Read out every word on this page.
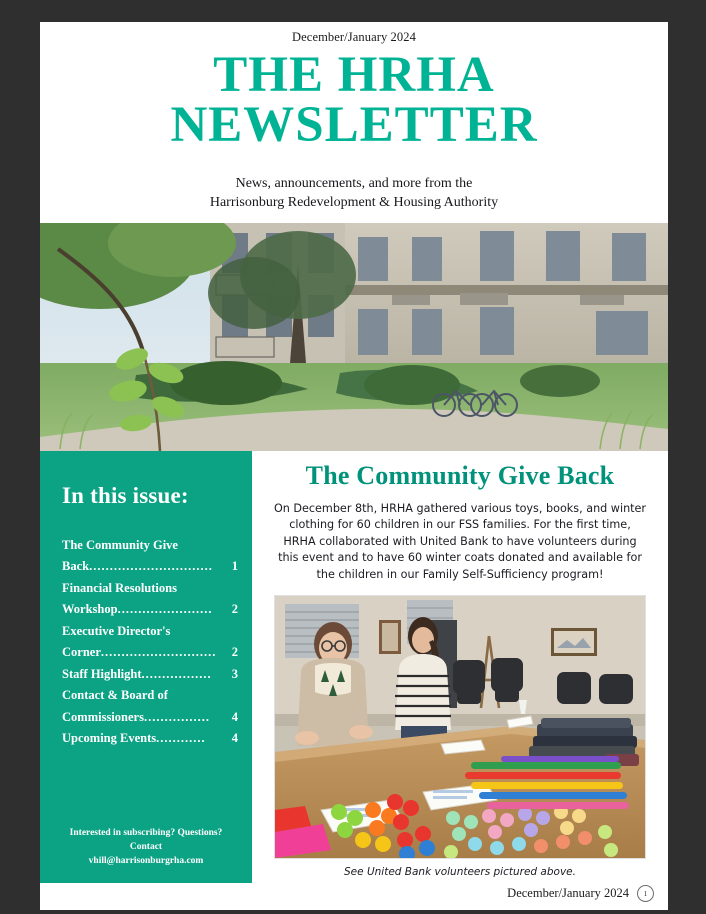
December/January 2024
THE HRHA
NEWSLETTER
News, announcements, and more from the
Harrisonburg Redevelopment & Housing Authority
In this issue:
The Community Give
Back ..............................	1
Financial Resolutions
Workshop .......................	2
Executive Director's
Corner ............................	2
Staff Highlight .................	3
Contact & Board of
Commissioners ................	4
Upcoming Events ............	4
Interested in subscribing? Questions?
Contact
vhill@harrisonburgrha.com
The Community Give Back
On December 8th, HRHA gathered various toys, books, and winter clothing for 60 children in our FSS families. For the first time, HRHA collaborated with United Bank to have volunteers during this event and to have 60 winter coats donated and available for the children in our Family Self-Sufficiency program!
See United Bank volunteers pictured above.
December/January 2024	1
